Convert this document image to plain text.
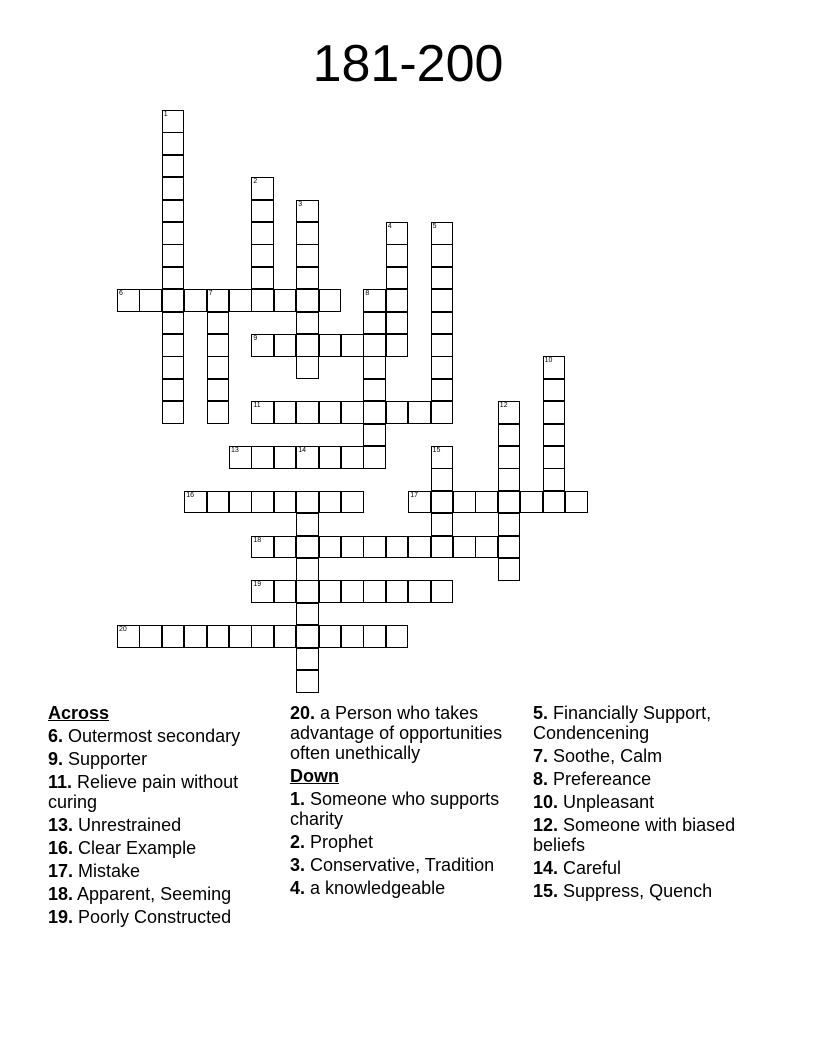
181-200
1
2
3
4	5
6	7	8
9
10
11	12
13	14	15
16	17
18
19
20
Across
6. Outermost secondary
9. Supporter
11. Relieve pain without curing
13. Unrestrained
16. Clear Example
17. Mistake
18. Apparent, Seeming
19. Poorly Constructed
20. a Person who takes advantage of opportunities often unethically
Down
1. Someone who supports charity
2. Prophet
3. Conservative, Tradition
4. a knowledgeable
5. Financially Support, Condencening
7. Soothe, Calm
8. Prefereance
10. Unpleasant
12. Someone with biased beliefs
14. Careful
15. Suppress, Quench
